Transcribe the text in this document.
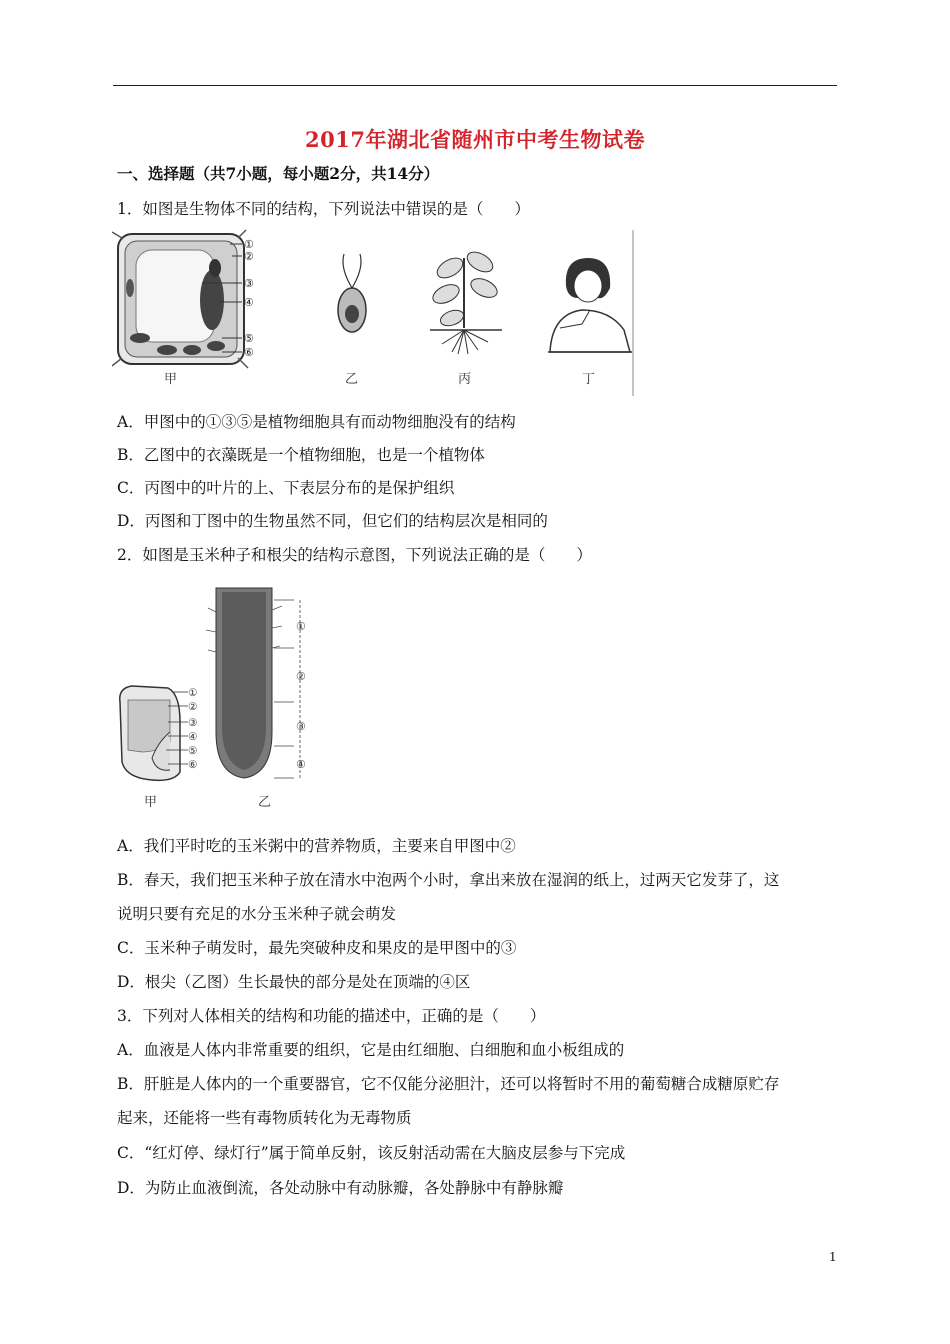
2017年湖北省随州市中考生物试卷
一、选择题（共7小题，每小题2分，共14分）
1．如图是生物体不同的结构，下列说法中错误的是（　　）
①
②
③
④
⑤
⑥
甲	乙	丙	丁
A．甲图中的①③⑤是植物细胞具有而动物细胞没有的结构
B．乙图中的衣藻既是一个植物细胞，也是一个植物体
C．丙图中的叶片的上、下表层分布的是保护组织
D．丙图和丁图中的生物虽然不同，但它们的结构层次是相同的
2．如图是玉米种子和根尖的结构示意图，下列说法正确的是（　　）
①
②
③
④
⑤
⑥
①
②
③
④
甲	乙
A．我们平时吃的玉米粥中的营养物质，主要来自甲图中②
B．春天，我们把玉米种子放在清水中泡两个小时，拿出来放在湿润的纸上，过两天它发芽了，这
说明只要有充足的水分玉米种子就会萌发
C．玉米种子萌发时，最先突破种皮和果皮的是甲图中的③
D．根尖（乙图）生长最快的部分是处在顶端的④区
3．下列对人体相关的结构和功能的描述中，正确的是（　　）
A．血液是人体内非常重要的组织，它是由红细胞、白细胞和血小板组成的
B．肝脏是人体内的一个重要器官，它不仅能分泌胆汁，还可以将暂时不用的葡萄糖合成糖原贮存
起来，还能将一些有毒物质转化为无毒物质
C．“红灯停、绿灯行”属于简单反射，该反射活动需在大脑皮层参与下完成
D．为防止血液倒流，各处动脉中有动脉瓣，各处静脉中有静脉瓣
1
